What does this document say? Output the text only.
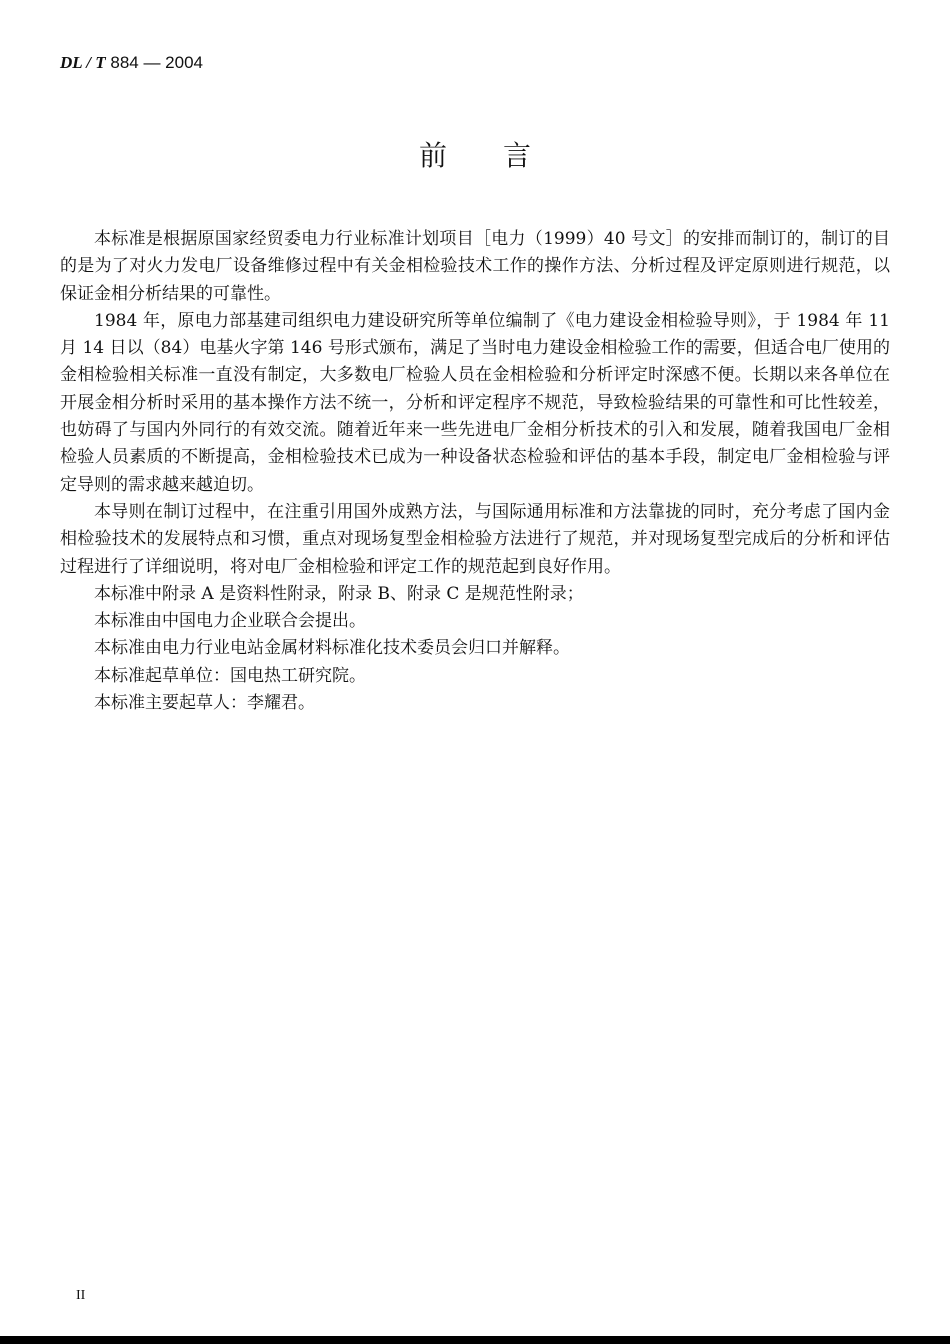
DL / T 884 — 2004
前言

本标准是根据原国家经贸委电力行业标准计划项目［电力（1999）40 号文］的安排而制订的，制订的目的是为了对火力发电厂设备维修过程中有关金相检验技术工作的操作方法、分析过程及评定原则进行规范，以保证金相分析结果的可靠性。

1984 年，原电力部基建司组织电力建设研究所等单位编制了《电力建设金相检验导则》，于 1984 年 11 月 14 日以（84）电基火字第 146 号形式颁布，满足了当时电力建设金相检验工作的需要，但适合电厂使用的金相检验相关标准一直没有制定，大多数电厂检验人员在金相检验和分析评定时深感不便。长期以来各单位在开展金相分析时采用的基本操作方法不统一，分析和评定程序不规范，导致检验结果的可靠性和可比性较差，也妨碍了与国内外同行的有效交流。随着近年来一些先进电厂金相分析技术的引入和发展，随着我国电厂金相检验人员素质的不断提高，金相检验技术已成为一种设备状态检验和评估的基本手段，制定电厂金相检验与评定导则的需求越来越迫切。

本导则在制订过程中，在注重引用国外成熟方法，与国际通用标准和方法靠拢的同时，充分考虑了国内金相检验技术的发展特点和习惯，重点对现场复型金相检验方法进行了规范，并对现场复型完成后的分析和评估过程进行了详细说明，将对电厂金相检验和评定工作的规范起到良好作用。

本标准中附录 A 是资料性附录，附录 B、附录 C 是规范性附录；

本标准由中国电力企业联合会提出。

本标准由电力行业电站金属材料标准化技术委员会归口并解释。

本标准起草单位：国电热工研究院。

本标准主要起草人：李耀君。

II
